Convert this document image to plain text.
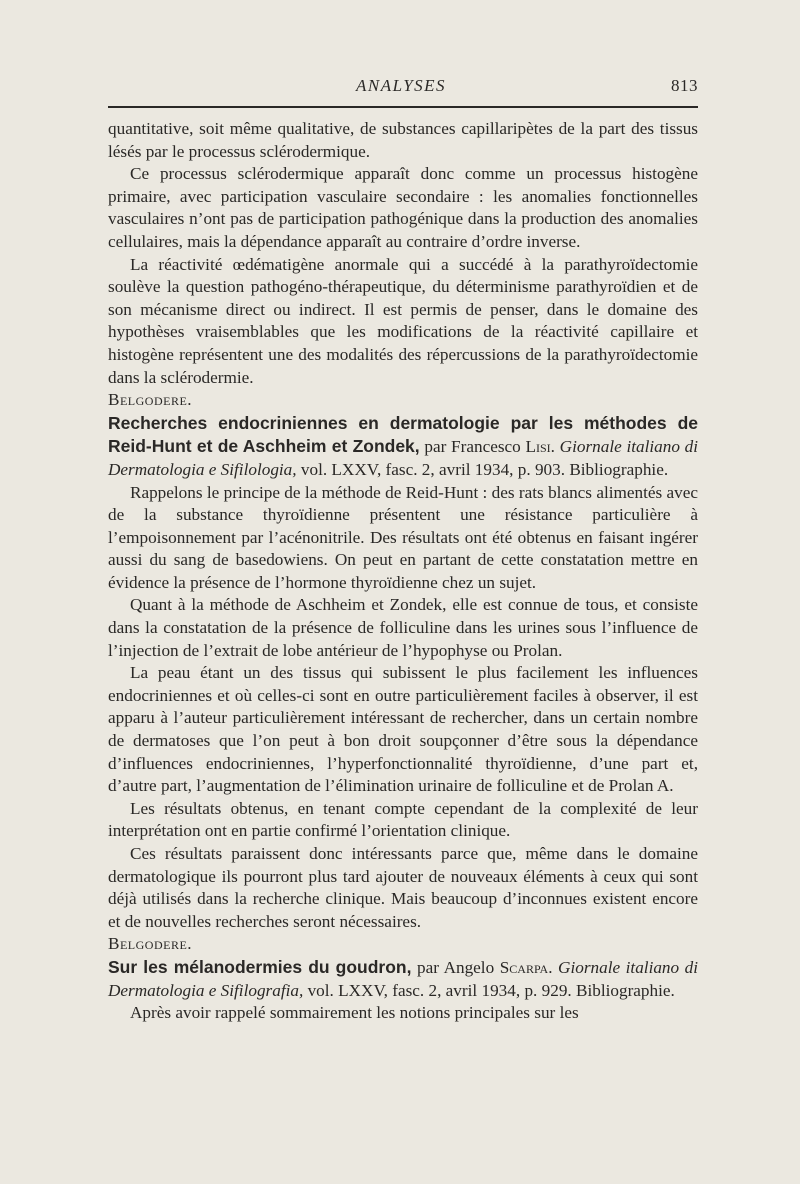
ANALYSES	813

quantitative, soit même qualitative, de substances capillaripètes de la part des tissus lésés par le processus sclérodermique.

Ce processus sclérodermique apparaît donc comme un processus histogène primaire, avec participation vasculaire secondaire : les anomalies fonctionnelles vasculaires n’ont pas de participation pathogénique dans la production des anomalies cellulaires, mais la dépendance apparaît au contraire d’ordre inverse.

La réactivité œdématigène anormale qui a succédé à la parathyroïdectomie soulève la question pathogéno-thérapeutique, du déterminisme parathyroïdien et de son mécanisme direct ou indirect. Il est permis de penser, dans le domaine des hypothèses vraisemblables que les modifications de la réactivité capillaire et histogène représentent une des modalités des répercussions de la parathyroïdectomie dans la sclérodermie.

Belgodere.

Recherches endocriniennes en dermatologie par les méthodes de Reid-Hunt et de Aschheim et Zondek, par Francesco Lisi. Giornale italiano di Dermatologia e Sifilologia, vol. LXXV, fasc. 2, avril 1934, p. 903. Bibliographie.

Rappelons le principe de la méthode de Reid-Hunt : des rats blancs alimentés avec de la substance thyroïdienne présentent une résistance particulière à l’empoisonnement par l’acénonitrile. Des résultats ont été obtenus en faisant ingérer aussi du sang de basedowiens. On peut en partant de cette constatation mettre en évidence la présence de l’hormone thyroïdienne chez un sujet.

Quant à la méthode de Aschheim et Zondek, elle est connue de tous, et consiste dans la constatation de la présence de folliculine dans les urines sous l’influence de l’injection de l’extrait de lobe antérieur de l’hypophyse ou Prolan.

La peau étant un des tissus qui subissent le plus facilement les influences endocriniennes et où celles-ci sont en outre particulièrement faciles à observer, il est apparu à l’auteur particulièrement intéressant de rechercher, dans un certain nombre de dermatoses que l’on peut à bon droit soupçonner d’être sous la dépendance d’influences endocriniennes, l’hyperfonctionnalité thyroïdienne, d’une part et, d’autre part, l’augmentation de l’élimination urinaire de folliculine et de Prolan A.

Les résultats obtenus, en tenant compte cependant de la complexité de leur interprétation ont en partie confirmé l’orientation clinique.

Ces résultats paraissent donc intéressants parce que, même dans le domaine dermatologique ils pourront plus tard ajouter de nouveaux éléments à ceux qui sont déjà utilisés dans la recherche clinique. Mais beaucoup d’inconnues existent encore et de nouvelles recherches seront nécessaires.

Belgodere.

Sur les mélanodermies du goudron, par Angelo Scarpa. Giornale italiano di Dermatologia e Sifilografia, vol. LXXV, fasc. 2, avril 1934, p. 929. Bibliographie.

Après avoir rappelé sommairement les notions principales sur les
